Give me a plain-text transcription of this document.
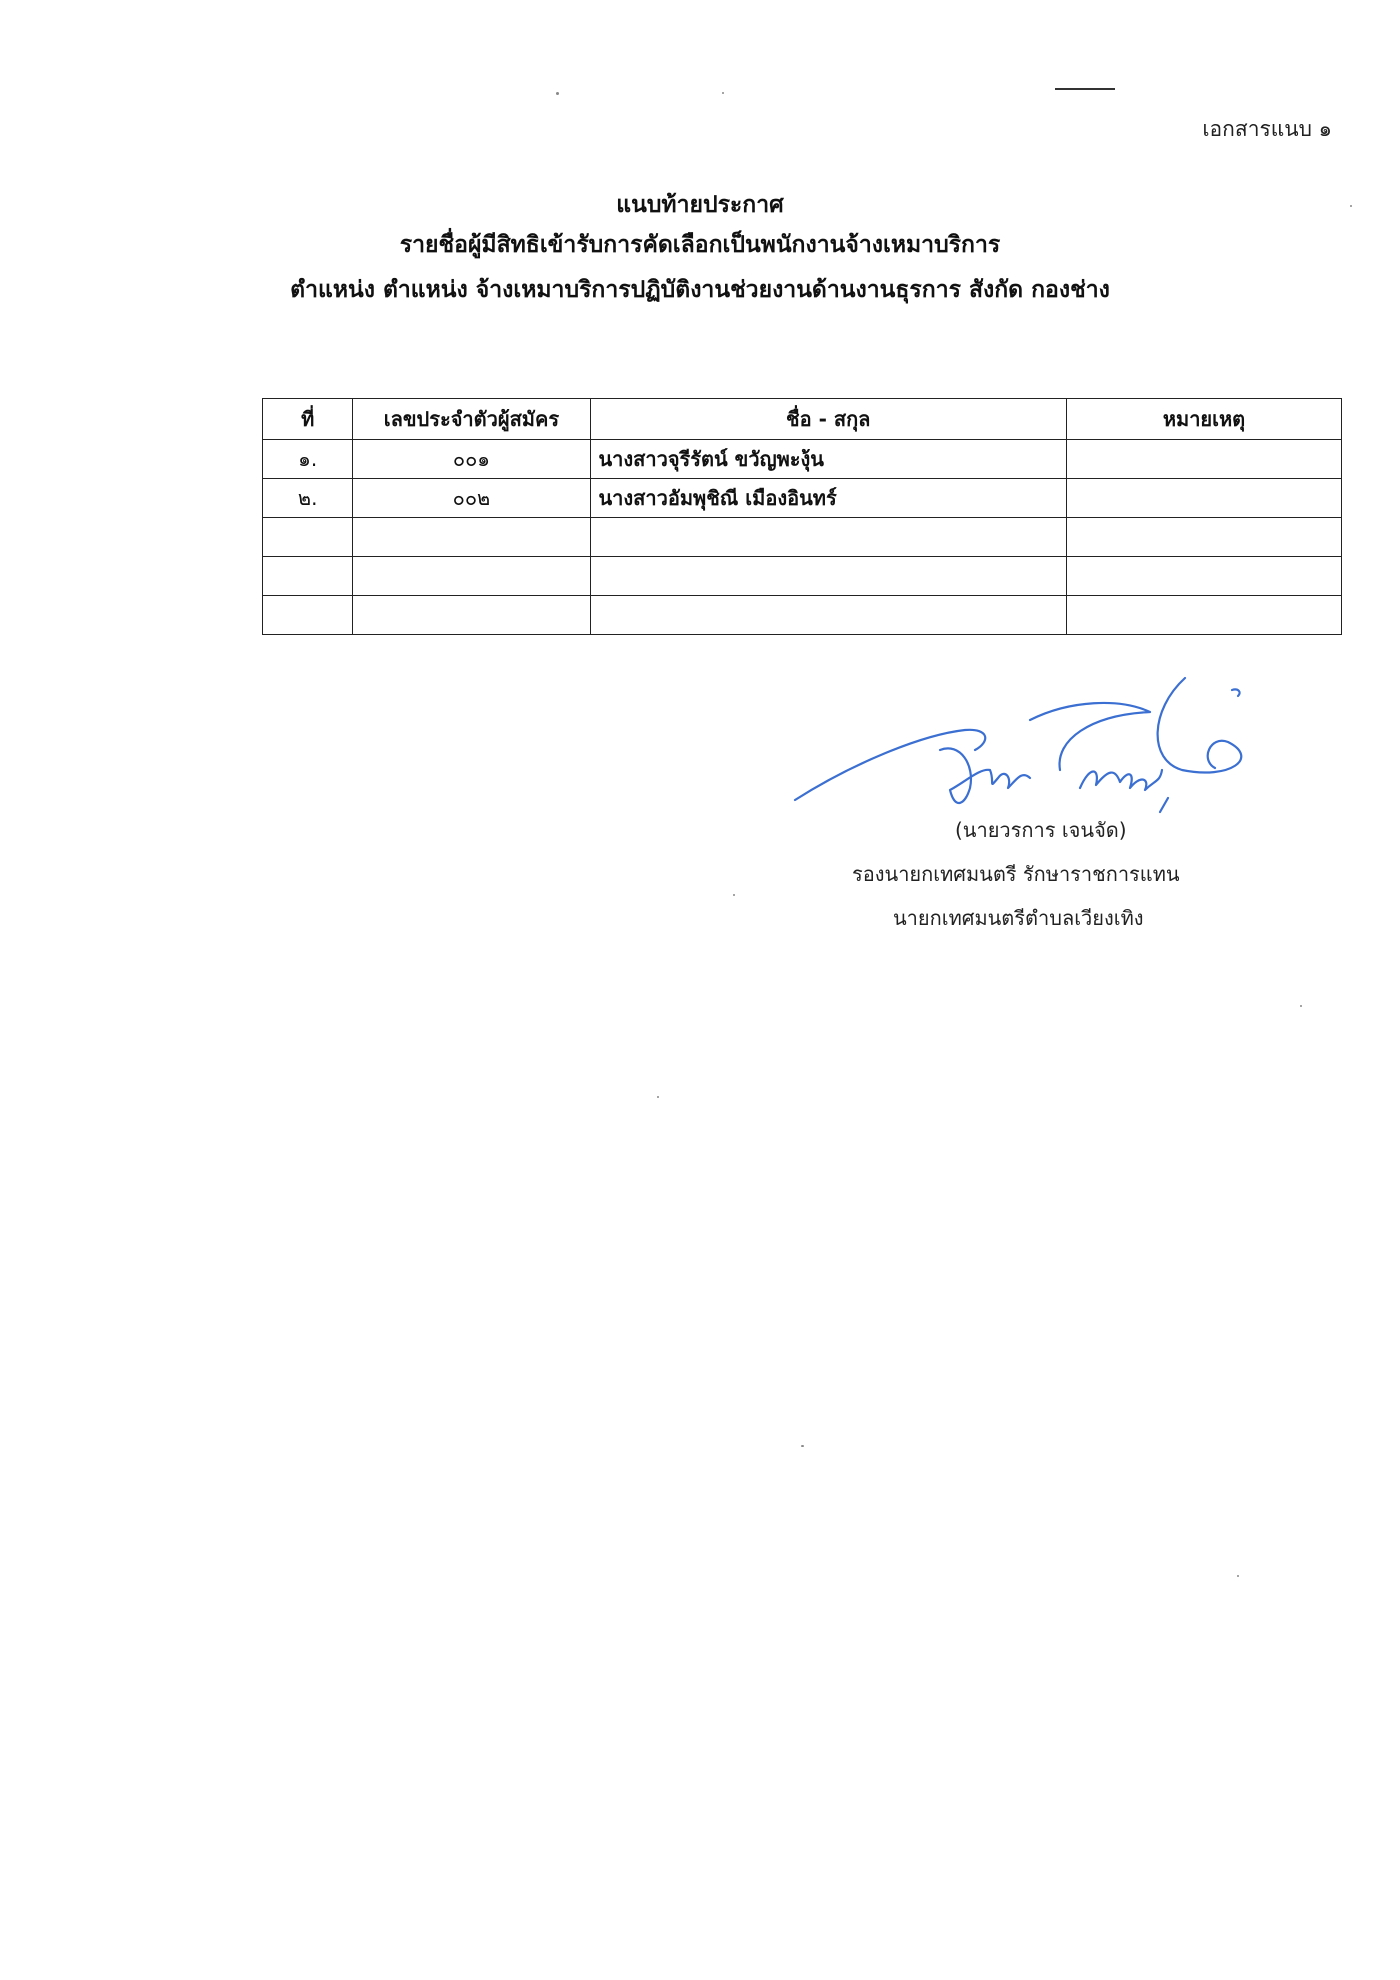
เอกสารแนบ ๑
แนบท้ายประกาศ
รายชื่อผู้มีสิทธิเข้ารับการคัดเลือกเป็นพนักงานจ้างเหมาบริการ
ตำแหน่ง ตำแหน่ง จ้างเหมาบริการปฏิบัติงานช่วยงานด้านงานธุรการ สังกัด กองช่าง
ที่	เลขประจำตัวผู้สมัคร	ชื่อ - สกุล	หมายเหตุ
๑.	๐๐๑	นางสาวจุรีรัตน์ ขวัญพะงุ้น	
๒.	๐๐๒	นางสาวอัมพุชิณี เมืองอินทร์	

(นายวรการ เจนจัด)
รองนายกเทศมนตรี รักษาราชการแทน
นายกเทศมนตรีตำบลเวียงเทิง
